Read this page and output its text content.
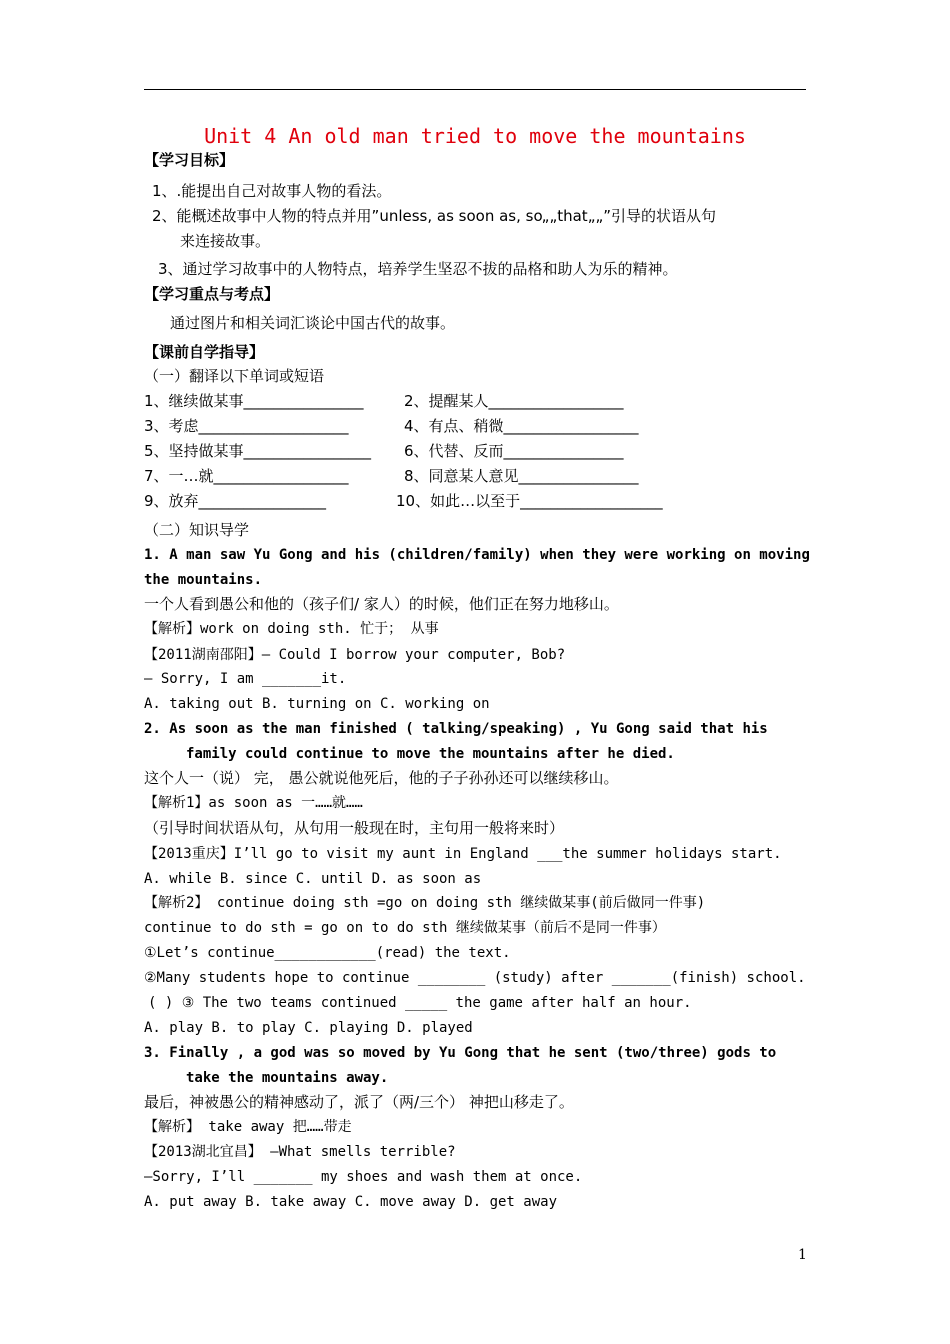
Unit 4 An old man tried to move the mountains
【学习目标】
1、.能提出自己对故事人物的看法。
2、能概述故事中人物的特点并用”unless, as soon as, so„„that„„”引导的状语从句
来连接故事。
3、通过学习故事中的人物特点，培养学生坚忍不拔的品格和助人为乐的精神。
【学习重点与考点】
通过图片和相关词汇谈论中国古代的故事。
【课前自学指导】
（一）翻译以下单词或短语
1、继续做某事________________	2、提醒某人__________________
3、考虑____________________	4、有点、稍微__________________
5、坚持做某事_________________ 6、代替、反而________________
7、一…就__________________	8、同意某人意见________________
9、放弃_________________	10、如此…以至于___________________
（二）知识导学
1. A man saw Yu Gong and his (children/family) when they were working on moving
the mountains.
一个人看到愚公和他的（孩子们/ 家人）的时候，他们正在努力地移山。
【解析】work on doing sth. 忙于； 从事
【2011湖南邵阳】— Could I borrow your computer, Bob?
— Sorry, I am _______it.
A. taking out B. turning on C. working on
2. As soon as the man finished ( talking/speaking) , Yu Gong said that his
family could continue to move the mountains after he died.
这个人一（说） 完， 愚公就说他死后，他的子子孙孙还可以继续移山。
【解析1】as soon as 一……就……
（引导时间状语从句，从句用一般现在时，主句用一般将来时）
【2013重庆】I’ll go to visit my aunt in England ___the summer holidays start.
A. while B. since C. until D. as soon as
【解析2】 continue doing sth =go on doing sth 继续做某事(前后做同一件事)
continue to do sth = go on to do sth 继续做某事（前后不是同一件事）
①Let’s continue____________(read) the text.
②Many students hope to continue ________ (study) after _______(finish) school.
( ) ③ The two teams continued _____ the game after half an hour.
A. play B. to play C. playing D. played
3. Finally , a god was so moved by Yu Gong that he sent (two/three) gods to
take the mountains away.
最后，神被愚公的精神感动了，派了（两/三个） 神把山移走了。
【解析】 take away 把……带走
【2013湖北宜昌】 —What smells terrible?
—Sorry, I’ll _______ my shoes and wash them at once.
A. put away B. take away C. move away D. get away
1
